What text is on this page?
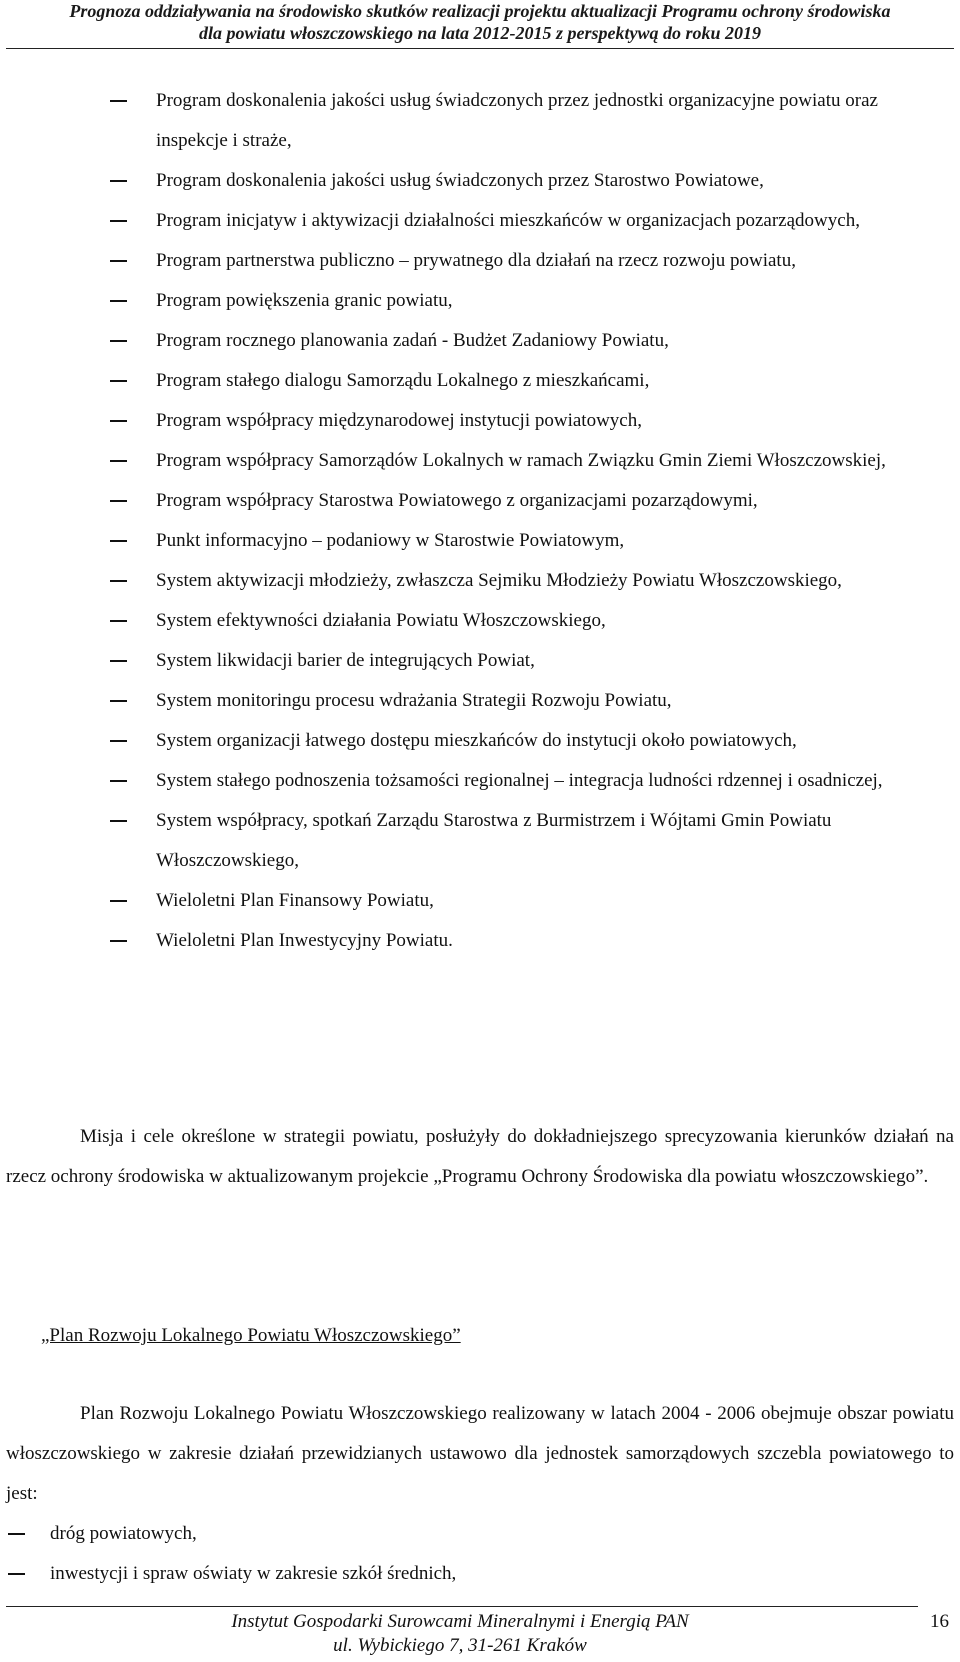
Prognoza oddziaływania na środowisko skutków realizacji projektu aktualizacji Programu ochrony środowiska
dla powiatu włoszczowskiego na lata 2012-2015 z perspektywą do roku 2019
Program doskonalenia jakości usług świadczonych przez jednostki organizacyjne powiatu oraz inspekcje i straże,
Program doskonalenia jakości usług świadczonych przez Starostwo Powiatowe,
Program inicjatyw i aktywizacji działalności mieszkańców w organizacjach pozarządowych,
Program partnerstwa publiczno – prywatnego dla działań na rzecz rozwoju powiatu,
Program powiększenia granic powiatu,
Program rocznego planowania zadań - Budżet Zadaniowy Powiatu,
Program stałego dialogu Samorządu Lokalnego z mieszkańcami,
Program współpracy międzynarodowej instytucji powiatowych,
Program współpracy Samorządów Lokalnych w ramach Związku Gmin Ziemi Włoszczowskiej,
Program współpracy Starostwa Powiatowego z organizacjami pozarządowymi,
Punkt informacyjno – podaniowy w Starostwie Powiatowym,
System aktywizacji młodzieży, zwłaszcza Sejmiku Młodzieży Powiatu Włoszczowskiego,
System efektywności działania Powiatu Włoszczowskiego,
System likwidacji barier de integrujących Powiat,
System monitoringu procesu wdrażania Strategii Rozwoju Powiatu,
System organizacji łatwego dostępu mieszkańców do instytucji około powiatowych,
System stałego podnoszenia tożsamości regionalnej – integracja ludności rdzennej i osadniczej,
System współpracy, spotkań Zarządu Starostwa z Burmistrzem i Wójtami Gmin Powiatu Włoszczowskiego,
Wieloletni Plan Finansowy Powiatu,
Wieloletni Plan Inwestycyjny Powiatu.

Misja i cele określone w strategii powiatu, posłużyły do dokładniejszego sprecyzowania kierunków działań na rzecz ochrony środowiska w aktualizowanym projekcie „Programu Ochrony Środowiska dla powiatu włoszczowskiego”.

„Plan Rozwoju Lokalnego Powiatu Włoszczowskiego”

Plan Rozwoju Lokalnego Powiatu Włoszczowskiego realizowany w latach 2004 - 2006 obejmuje obszar powiatu włoszczowskiego w zakresie działań przewidzianych ustawowo dla jednostek samorządowych szczebla powiatowego to jest:

dróg powiatowych,
inwestycji i spraw oświaty w zakresie szkół średnich,
Instytut Gospodarki Surowcami Mineralnymi i Energią PAN
ul. Wybickiego 7, 31-261 Kraków
16
